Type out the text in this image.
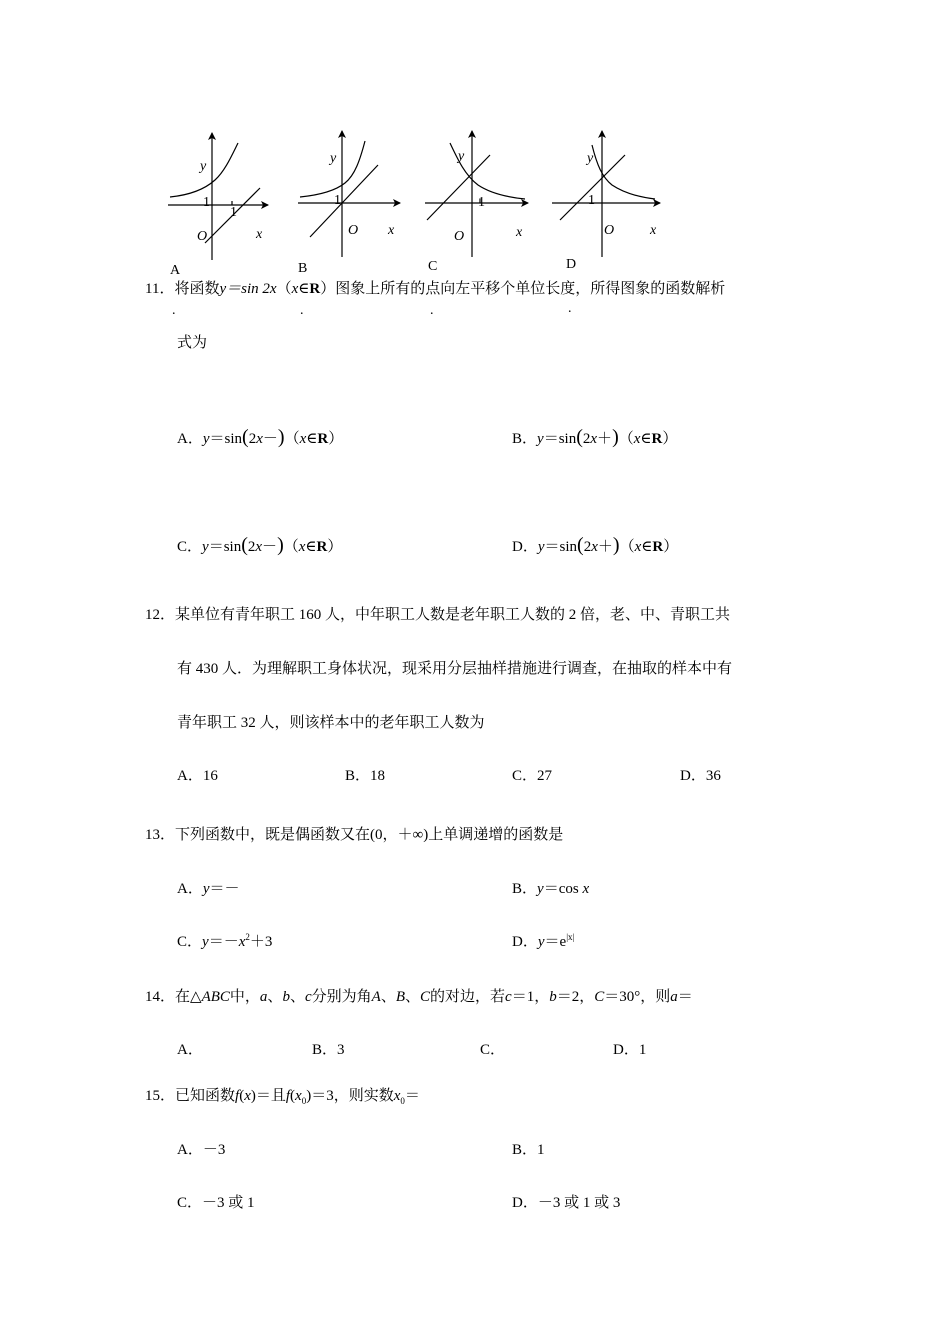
y
1
1
O	x
A
.
y
1
O x
B
.
y
1
O	x
C
.
y
1
O	x
D
.
11．将函数y＝sin 2x（x∈R）图象上所有的点向左平移个单位长度，所得图象的函数解析
式为
A．y＝sin(2x－)（x∈R）	B．y＝sin(2x＋)（x∈R）
C．y＝sin(2x－)（x∈R）	D．y＝sin(2x＋)（x∈R）
12．某单位有青年职工 160 人，中年职工人数是老年职工人数的 2 倍，老、中、青职工共
有 430 人．为理解职工身体状况，现采用分层抽样措施进行调查，在抽取的样本中有
青年职工 32 人，则该样本中的老年职工人数为
A．16	B．18	C．27	D．36
13．下列函数中，既是偶函数又在(0，＋∞)上单调递增的函数是
A．y＝－	B．y＝cos x
C．$y=-x^2+3$	D．$y=e^{|x|}$
14．在△ABC中，a、b、c分别为角A、B、C的对边，若c＝1，b＝2，C＝30°，则a＝
A．	B．3	C．	D．1
15．已知函数f(x)＝且$f(x_0)=3$，则实数$x_0=$
A．－3	B．1
C．－3 或 1	D．－3 或 1 或 3
